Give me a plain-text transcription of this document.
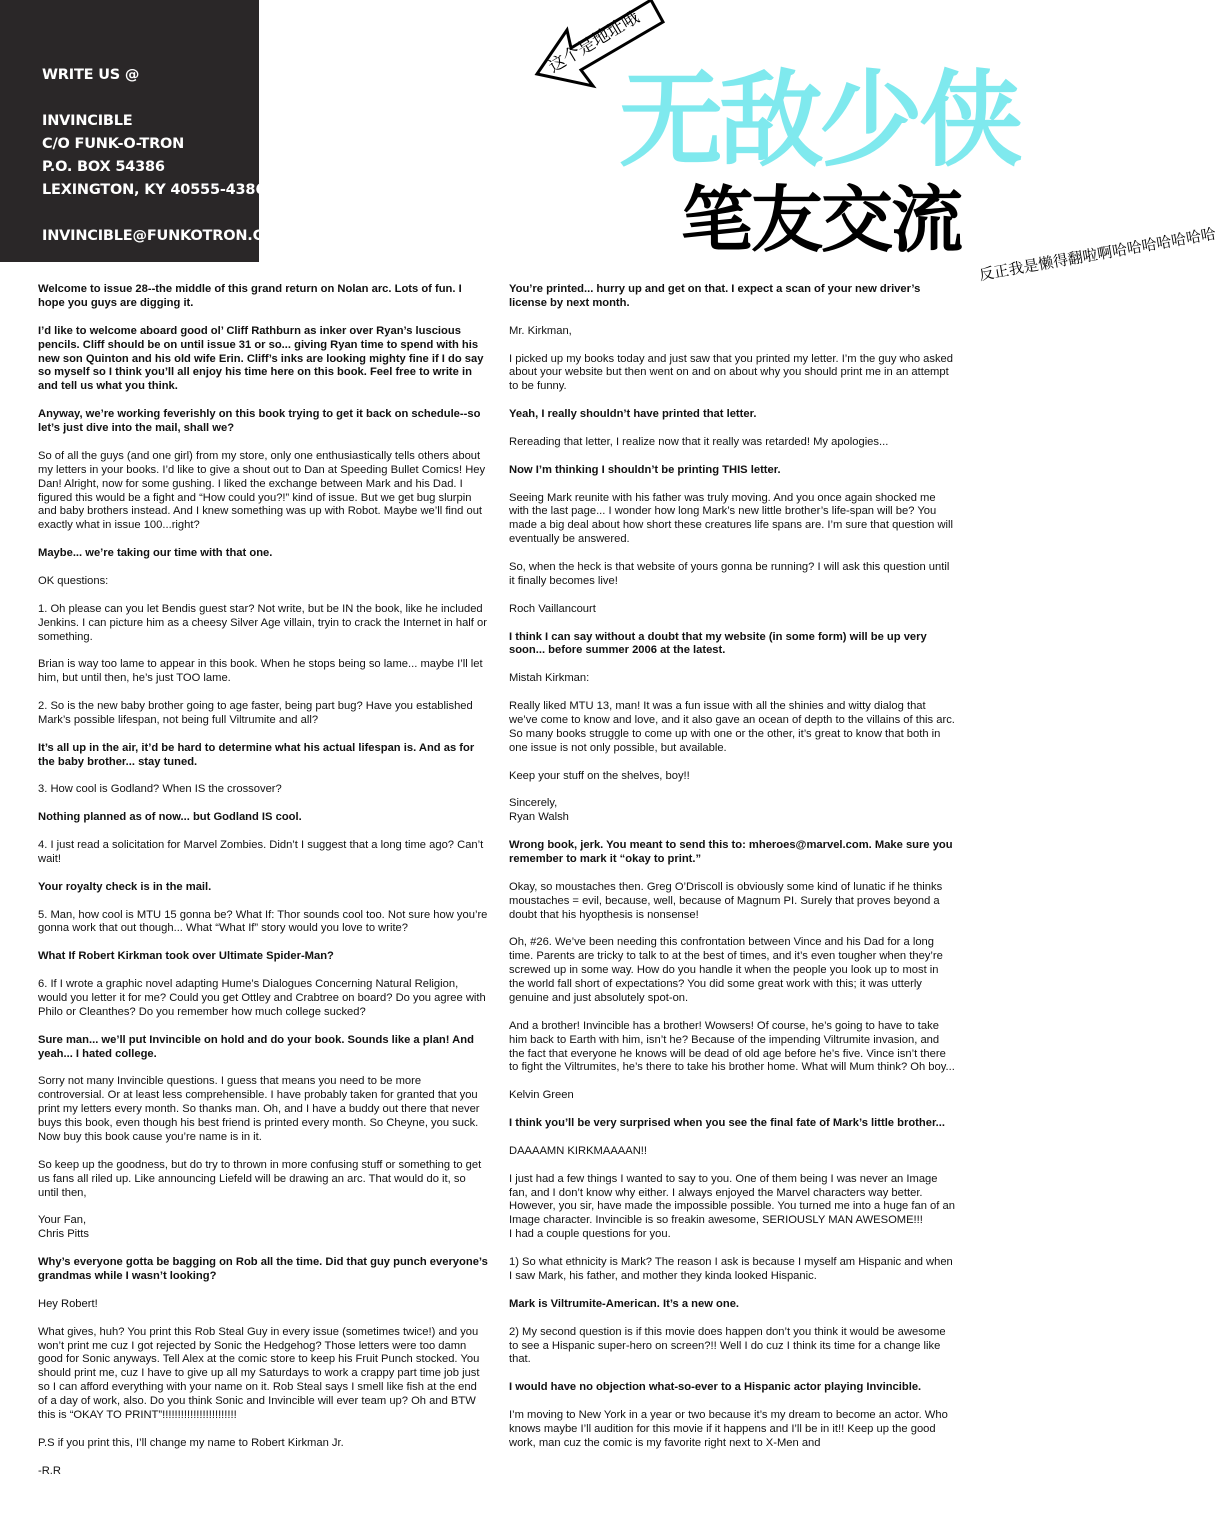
WRITE US @
INVINCIBLE
C/O FUNK-O-TRON
P.O. BOX 54386
LEXINGTON, KY 40555-4386.
INVINCIBLE@FUNKOTRON.COM
这个是地址哦
无敌少侠
笔友交流 反正我是懒得翻啦啊哈哈哈哈哈哈哈

Welcome to issue 28--the middle of this grand return on Nolan arc. Lots of fun. I hope you guys are digging it.

I’d like to welcome aboard good ol’ Cliff Rathburn as inker over Ryan’s luscious pencils. Cliff should be on until issue 31 or so... giving Ryan time to spend with his new son Quinton and his old wife Erin. Cliff’s inks are looking mighty fine if I do say so myself so I think you’ll all enjoy his time here on this book. Feel free to write in and tell us what you think.

Anyway, we’re working feverishly on this book trying to get it back on schedule--so let’s just dive into the mail, shall we?

So of all the guys (and one girl) from my store, only one enthusiastically tells others about my letters in your books. I’d like to give a shout out to Dan at Speeding Bullet Comics! Hey Dan! Alright, now for some gushing. I liked the exchange between Mark and his Dad. I figured this would be a fight and “How could you?!” kind of issue. But we get bug slurpin and baby brothers instead. And I knew something was up with Robot. Maybe we’ll find out exactly what in issue 100...right?

Maybe... we’re taking our time with that one.

OK questions:

1. Oh please can you let Bendis guest star? Not write, but be IN the book, like he included Jenkins. I can picture him as a cheesy Silver Age villain, tryin to crack the Internet in half or something.

Brian is way too lame to appear in this book. When he stops being so lame... maybe I’ll let him, but until then, he’s just TOO lame.

2. So is the new baby brother going to age faster, being part bug? Have you established Mark’s possible lifespan, not being full Viltrumite and all?

It’s all up in the air, it’d be hard to determine what his actual lifespan is. And as for the baby brother... stay tuned.

3. How cool is Godland? When IS the crossover?

Nothing planned as of now... but Godland IS cool.

4. I just read a solicitation for Marvel Zombies. Didn’t I suggest that a long time ago? Can’t wait!

Your royalty check is in the mail.

5. Man, how cool is MTU 15 gonna be? What If: Thor sounds cool too. Not sure how you’re gonna work that out though... What “What If” story would you love to write?

What If Robert Kirkman took over Ultimate Spider-Man?

6. If I wrote a graphic novel adapting Hume’s Dialogues Concerning Natural Religion, would you letter it for me? Could you get Ottley and Crabtree on board? Do you agree with Philo or Cleanthes? Do you remember how much college sucked?

Sure man... we’ll put Invincible on hold and do your book. Sounds like a plan! And yeah... I hated college.

Sorry not many Invincible questions. I guess that means you need to be more controversial. Or at least less comprehensible. I have probably taken for granted that you print my letters every month. So thanks man. Oh, and I have a buddy out there that never buys this book, even though his best friend is printed every month. So Cheyne, you suck. Now buy this book cause you’re name is in it.

So keep up the goodness, but do try to thrown in more confusing stuff or something to get us fans all riled up. Like announcing Liefeld will be drawing an arc. That would do it, so until then,

Your Fan,
Chris Pitts

Why’s everyone gotta be bagging on Rob all the time. Did that guy punch everyone’s grandmas while I wasn’t looking?

Hey Robert!

What gives, huh? You print this Rob Steal Guy in every issue (sometimes twice!) and you won’t print me cuz I got rejected by Sonic the Hedgehog? Those letters were too damn good for Sonic anyways. Tell Alex at the comic store to keep his Fruit Punch stocked. You should print me, cuz I have to give up all my Saturdays to work a crappy part time job just so I can afford everything with your name on it. Rob Steal says I smell like fish at the end of a day of work, also. Do you think Sonic and Invincible will ever team up? Oh and BTW this is “OKAY TO PRINT”!!!!!!!!!!!!!!!!!!!!!!!!

P.S if you print this, I’ll change my name to Robert Kirkman Jr.

-R.R

You’re printed... hurry up and get on that. I expect a scan of your new driver’s license by next month.

Mr. Kirkman,

I picked up my books today and just saw that you printed my letter. I’m the guy who asked about your website but then went on and on about why you should print me in an attempt to be funny.

Yeah, I really shouldn’t have printed that letter.

Rereading that letter, I realize now that it really was retarded! My apologies...

Now I’m thinking I shouldn’t be printing THIS letter.

Seeing Mark reunite with his father was truly moving. And you once again shocked me with the last page... I wonder how long Mark’s new little brother’s life-span will be? You made a big deal about how short these creatures life spans are. I’m sure that question will eventually be answered.

So, when the heck is that website of yours gonna be running? I will ask this question until it finally becomes live!

Roch Vaillancourt

I think I can say without a doubt that my website (in some form) will be up very soon... before summer 2006 at the latest.

Mistah Kirkman:

Really liked MTU 13, man! It was a fun issue with all the shinies and witty dialog that we’ve come to know and love, and it also gave an ocean of depth to the villains of this arc. So many books struggle to come up with one or the other, it’s great to know that both in one issue is not only possible, but available.

Keep your stuff on the shelves, boy!!

Sincerely,
Ryan Walsh

Wrong book, jerk. You meant to send this to: mheroes@marvel.com. Make sure you remember to mark it “okay to print.”

Okay, so moustaches then. Greg O’Driscoll is obviously some kind of lunatic if he thinks moustaches = evil, because, well, because of Magnum PI. Surely that proves beyond a doubt that his hyopthesis is nonsense!

Oh, #26. We’ve been needing this confrontation between Vince and his Dad for a long time. Parents are tricky to talk to at the best of times, and it’s even tougher when they’re screwed up in some way. How do you handle it when the people you look up to most in the world fall short of expectations? You did some great work with this; it was utterly genuine and just absolutely spot-on.

And a brother! Invincible has a brother! Wowsers! Of course, he’s going to have to take him back to Earth with him, isn’t he? Because of the impending Viltrumite invasion, and the fact that everyone he knows will be dead of old age before he’s five. Vince isn’t there to fight the Viltrumites, he’s there to take his brother home. What will Mum think? Oh boy...

Kelvin Green

I think you’ll be very surprised when you see the final fate of Mark’s little brother...

DAAAAMN KIRKMAAAAN!!

I just had a few things I wanted to say to you. One of them being I was never an Image fan, and I don’t know why either. I always enjoyed the Marvel characters way better. However, you sir, have made the impossible possible. You turned me into a huge fan of an Image character. Invincible is so freakin awesome, SERIOUSLY MAN AWESOME!!!
I had a couple questions for you.

1) So what ethnicity is Mark? The reason I ask is because I myself am Hispanic and when I saw Mark, his father, and mother they kinda looked Hispanic.

Mark is Viltrumite-American. It’s a new one.

2) My second question is if this movie does happen don’t you think it would be awesome to see a Hispanic super-hero on screen?!! Well I do cuz I think its time for a change like that.

I would have no objection what-so-ever to a Hispanic actor playing Invincible.

I’m moving to New York in a year or two because it’s my dream to become an actor. Who knows maybe I’ll audition for this movie if it happens and I’ll be in it!! Keep up the good work, man cuz the comic is my favorite right next to X-Men and
